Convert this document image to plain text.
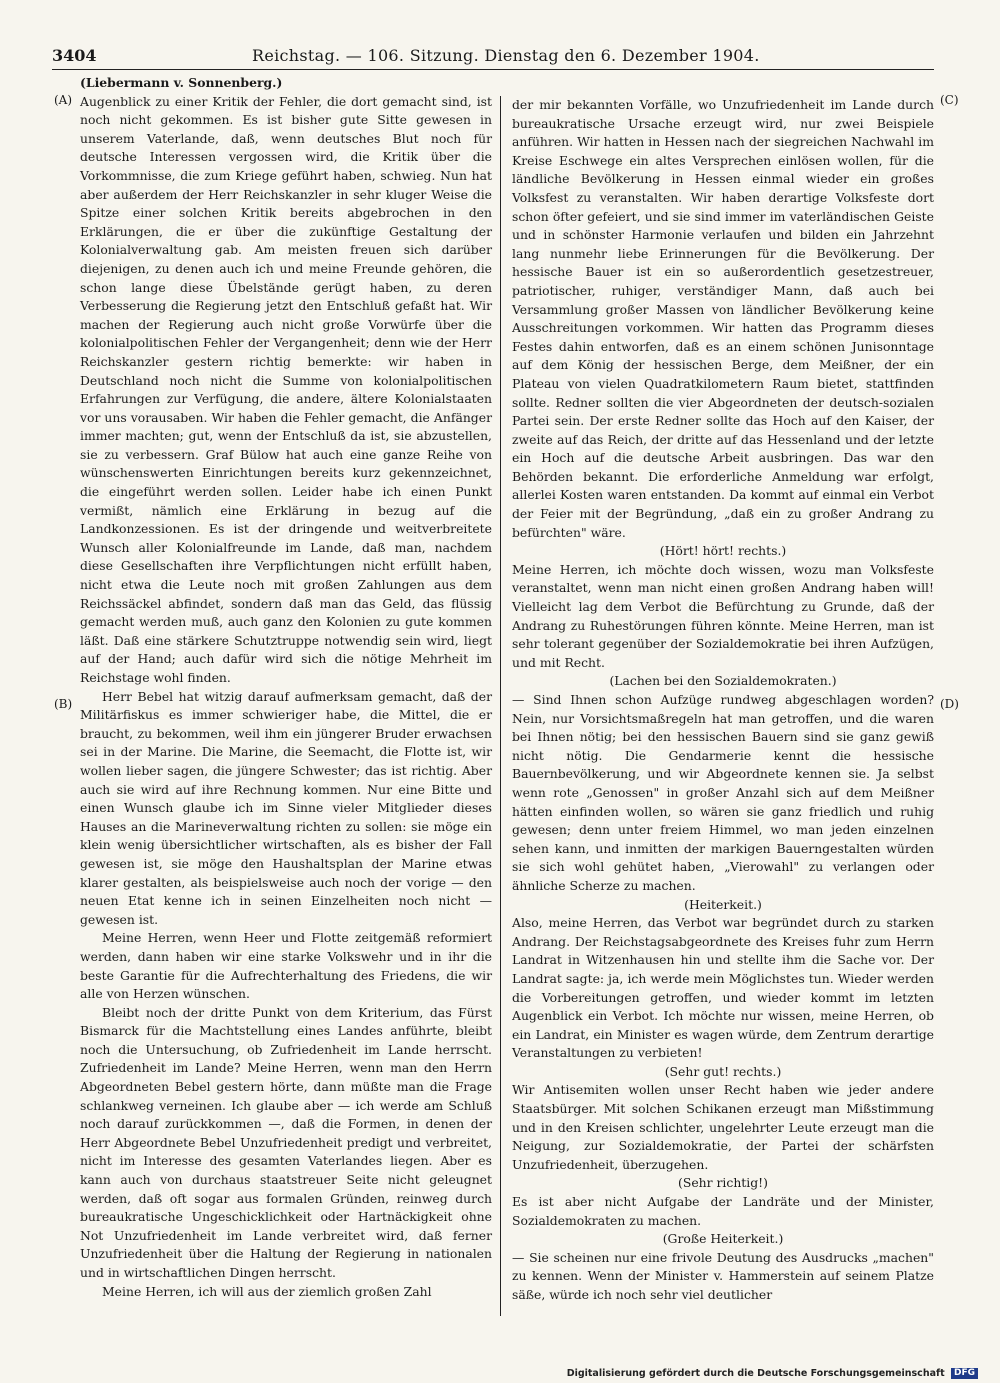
3404	Reichstag. — 106. Sitzung. Dienstag den 6. Dezember 1904.
(A)
(B)
(C)
(D)

(Liebermann v. Sonnenberg.)

Augenblick zu einer Kritik der Fehler, die dort gemacht sind, ist noch nicht gekommen. Es ist bisher gute Sitte gewesen in unserem Vaterlande, daß, wenn deutsches Blut noch für deutsche Interessen vergossen wird, die Kritik über die Vorkommnisse, die zum Kriege geführt haben, schwieg. Nun hat aber außerdem der Herr Reichskanzler in sehr kluger Weise die Spitze einer solchen Kritik bereits abgebrochen in den Erklärungen, die er über die zukünftige Gestaltung der Kolonialverwaltung gab. Am meisten freuen sich darüber diejenigen, zu denen auch ich und meine Freunde gehören, die schon lange diese Übelstände gerügt haben, zu deren Verbesserung die Regierung jetzt den Entschluß gefaßt hat. Wir machen der Regierung auch nicht große Vorwürfe über die kolonialpolitischen Fehler der Vergangenheit; denn wie der Herr Reichskanzler gestern richtig bemerkte: wir haben in Deutschland noch nicht die Summe von kolonialpolitischen Erfahrungen zur Verfügung, die andere, ältere Kolonialstaaten vor uns vorausaben. Wir haben die Fehler gemacht, die Anfänger immer machten; gut, wenn der Entschluß da ist, sie abzustellen, sie zu verbessern. Graf Bülow hat auch eine ganze Reihe von wünschenswerten Einrichtungen bereits kurz gekennzeichnet, die eingeführt werden sollen. Leider habe ich einen Punkt vermißt, nämlich eine Erklärung in bezug auf die Landkonzessionen. Es ist der dringende und weitverbreitete Wunsch aller Kolonialfreunde im Lande, daß man, nachdem diese Gesellschaften ihre Verpflichtungen nicht erfüllt haben, nicht etwa die Leute noch mit großen Zahlungen aus dem Reichssäckel abfindet, sondern daß man das Geld, das flüssig gemacht werden muß, auch ganz den Kolonien zu gute kommen läßt. Daß eine stärkere Schutztruppe notwendig sein wird, liegt auf der Hand; auch dafür wird sich die nötige Mehrheit im Reichstage wohl finden.

Herr Bebel hat witzig darauf aufmerksam gemacht, daß der Militärfiskus es immer schwieriger habe, die Mittel, die er braucht, zu bekommen, weil ihm ein jüngerer Bruder erwachsen sei in der Marine. Die Marine, die Seemacht, die Flotte ist, wir wollen lieber sagen, die jüngere Schwester; das ist richtig. Aber auch sie wird auf ihre Rechnung kommen. Nur eine Bitte und einen Wunsch glaube ich im Sinne vieler Mitglieder dieses Hauses an die Marineverwaltung richten zu sollen: sie möge ein klein wenig übersichtlicher wirtschaften, als es bisher der Fall gewesen ist, sie möge den Haushaltsplan der Marine etwas klarer gestalten, als beispielsweise auch noch der vorige — den neuen Etat kenne ich in seinen Einzelheiten noch nicht — gewesen ist.

Meine Herren, wenn Heer und Flotte zeitgemäß reformiert werden, dann haben wir eine starke Volkswehr und in ihr die beste Garantie für die Aufrechterhaltung des Friedens, die wir alle von Herzen wünschen.

Bleibt noch der dritte Punkt von dem Kriterium, das Fürst Bismarck für die Machtstellung eines Landes anführte, bleibt noch die Untersuchung, ob Zufriedenheit im Lande herrscht. Zufriedenheit im Lande? Meine Herren, wenn man den Herrn Abgeordneten Bebel gestern hörte, dann müßte man die Frage schlankweg verneinen. Ich glaube aber — ich werde am Schluß noch darauf zurückkommen —, daß die Formen, in denen der Herr Abgeordnete Bebel Unzufriedenheit predigt und verbreitet, nicht im Interesse des gesamten Vaterlandes liegen. Aber es kann auch von durchaus staatstreuer Seite nicht geleugnet werden, daß oft sogar aus formalen Gründen, reinweg durch bureaukratische Ungeschicklichkeit oder Hartnäckigkeit ohne Not Unzufriedenheit im Lande verbreitet wird, daß ferner Unzufriedenheit über die Haltung der Regierung in nationalen und in wirtschaftlichen Dingen herrscht.

Meine Herren, ich will aus der ziemlich großen Zahl

der mir bekannten Vorfälle, wo Unzufriedenheit im Lande durch bureaukratische Ursache erzeugt wird, nur zwei Beispiele anführen. Wir hatten in Hessen nach der siegreichen Nachwahl im Kreise Eschwege ein altes Versprechen einlösen wollen, für die ländliche Bevölkerung in Hessen einmal wieder ein großes Volksfest zu veranstalten. Wir haben derartige Volksfeste dort schon öfter gefeiert, und sie sind immer im vaterländischen Geiste und in schönster Harmonie verlaufen und bilden ein Jahrzehnt lang nunmehr liebe Erinnerungen für die Bevölkerung. Der hessische Bauer ist ein so außerordentlich gesetzestreuer, patriotischer, ruhiger, verständiger Mann, daß auch bei Versammlung großer Massen von ländlicher Bevölkerung keine Ausschreitungen vorkommen. Wir hatten das Programm dieses Festes dahin entworfen, daß es an einem schönen Junisonntage auf dem König der hessischen Berge, dem Meißner, der ein Plateau von vielen Quadratkilometern Raum bietet, stattfinden sollte. Redner sollten die vier Abgeordneten der deutsch-sozialen Partei sein. Der erste Redner sollte das Hoch auf den Kaiser, der zweite auf das Reich, der dritte auf das Hessenland und der letzte ein Hoch auf die deutsche Arbeit ausbringen. Das war den Behörden bekannt. Die erforderliche Anmeldung war erfolgt, allerlei Kosten waren entstanden. Da kommt auf einmal ein Verbot der Feier mit der Begründung, „daß ein zu großer Andrang zu befürchten" wäre.

(Hört! hört! rechts.)

Meine Herren, ich möchte doch wissen, wozu man Volksfeste veranstaltet, wenn man nicht einen großen Andrang haben will! Vielleicht lag dem Verbot die Befürchtung zu Grunde, daß der Andrang zu Ruhestörungen führen könnte. Meine Herren, man ist sehr tolerant gegenüber der Sozialdemokratie bei ihren Aufzügen, und mit Recht.

(Lachen bei den Sozialdemokraten.)

— Sind Ihnen schon Aufzüge rundweg abgeschlagen worden? Nein, nur Vorsichtsmaßregeln hat man getroffen, und die waren bei Ihnen nötig; bei den hessischen Bauern sind sie ganz gewiß nicht nötig. Die Gendarmerie kennt die hessische Bauernbevölkerung, und wir Abgeordnete kennen sie. Ja selbst wenn rote „Genossen" in großer Anzahl sich auf dem Meißner hätten einfinden wollen, so wären sie ganz friedlich und ruhig gewesen; denn unter freiem Himmel, wo man jeden einzelnen sehen kann, und inmitten der markigen Bauerngestalten würden sie sich wohl gehütet haben, „Vierowahl" zu verlangen oder ähnliche Scherze zu machen.

(Heiterkeit.)

Also, meine Herren, das Verbot war begründet durch zu starken Andrang. Der Reichstagsabgeordnete des Kreises fuhr zum Herrn Landrat in Witzenhausen hin und stellte ihm die Sache vor. Der Landrat sagte: ja, ich werde mein Möglichstes tun. Wieder werden die Vorbereitungen getroffen, und wieder kommt im letzten Augenblick ein Verbot. Ich möchte nur wissen, meine Herren, ob ein Landrat, ein Minister es wagen würde, dem Zentrum derartige Veranstaltungen zu verbieten!

(Sehr gut! rechts.)

Wir Antisemiten wollen unser Recht haben wie jeder andere Staatsbürger. Mit solchen Schikanen erzeugt man Mißstimmung und in den Kreisen schlichter, ungelehrter Leute erzeugt man die Neigung, zur Sozialdemokratie, der Partei der schärfsten Unzufriedenheit, überzugehen.

(Sehr richtig!)

Es ist aber nicht Aufgabe der Landräte und der Minister, Sozialdemokraten zu machen.

(Große Heiterkeit.)

— Sie scheinen nur eine frivole Deutung des Ausdrucks „machen" zu kennen. Wenn der Minister v. Hammerstein auf seinem Platze säße, würde ich noch sehr viel deutlicher

Digitalisierung gefördert durch die Deutsche Forschungsgemeinschaft DFG
